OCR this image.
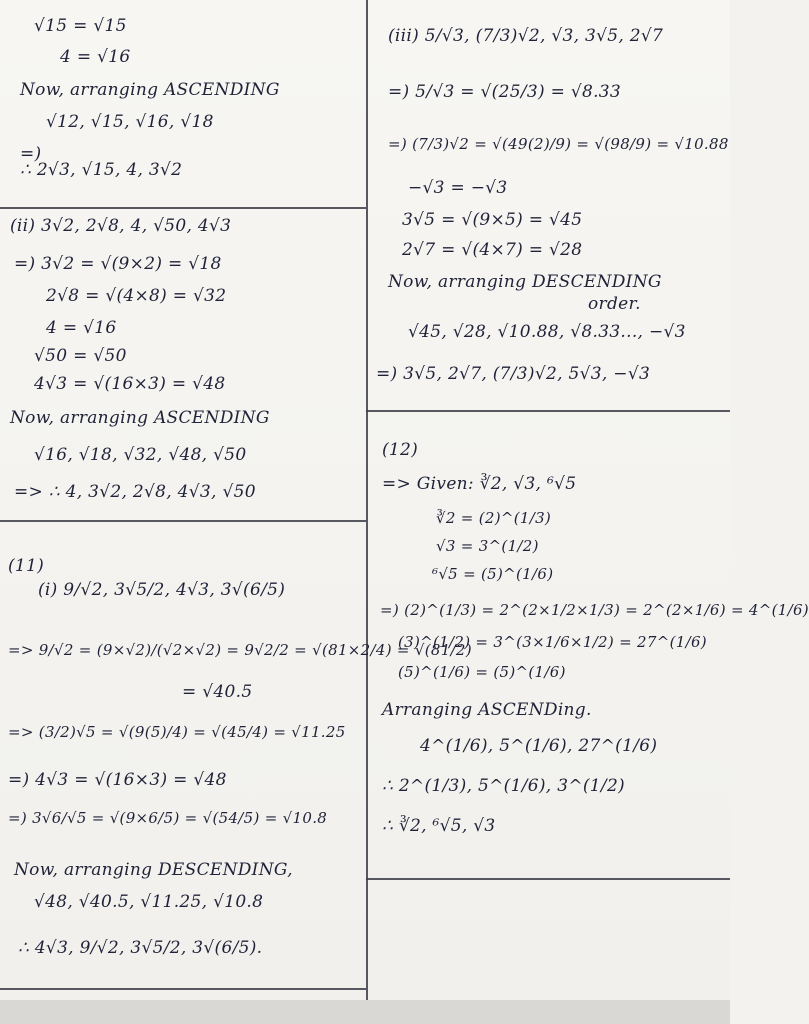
√15 = √15
4 = √16
Now, arranging ASCENDING
√12, √15, √16, √18
=)
∴ 2√3, √15, 4, 3√2
(ii) 3√2, 2√8, 4, √50, 4√3
=) 3√2 = √(9×2) = √18
2√8 = √(4×8) = √32
4 = √16
√50 = √50
4√3 = √(16×3) = √48
Now, arranging ASCENDING
√16, √18, √32, √48, √50
=> ∴ 4, 3√2, 2√8, 4√3, √50
(11)
(i) 9/√2, 3√5/2, 4√3, 3√(6/5)
=> 9/√2 = (9×√2)/(√2×√2) = 9√2/2 = √(81×2/4) = √(81/2)
= √40.5
=> (3/2)√5 = √(9(5)/4) = √(45/4) = √11.25
=) 4√3 = √(16×3) = √48
=) 3√6/√5 = √(9×6/5) = √(54/5) = √10.8
Now, arranging DESCENDING,
√48, √40.5, √11.25, √10.8
∴ 4√3, 9/√2, 3√5/2, 3√(6/5).
(iii) 5/√3, (7/3)√2, √3, 3√5, 2√7
=) 5/√3 = √(25/3) = √8.33
=) (7/3)√2 = √(49(2)/9) = √(98/9) = √10.88
−√3 = −√3
3√5 = √(9×5) = √45
2√7 = √(4×7) = √28
Now, arranging DESCENDING
order.
√45, √28, √10.88, √8.33..., −√3
=) 3√5, 2√7, (7/3)√2, 5√3, −√3
(12)
=> Given: ∛2, √3, ⁶√5
∛2 = (2)^(1/3)
√3 = 3^(1/2)
⁶√5 = (5)^(1/6)
=) (2)^(1/3) = 2^(2×1/2×1/3) = 2^(2×1/6) = 4^(1/6)
(3)^(1/2) = 3^(3×1/6×1/2) = 27^(1/6)
(5)^(1/6) = (5)^(1/6)
Arranging ASCENDing.
4^(1/6), 5^(1/6), 27^(1/6)
∴ 2^(1/3), 5^(1/6), 3^(1/2)
∴ ∛2, ⁶√5, √3
